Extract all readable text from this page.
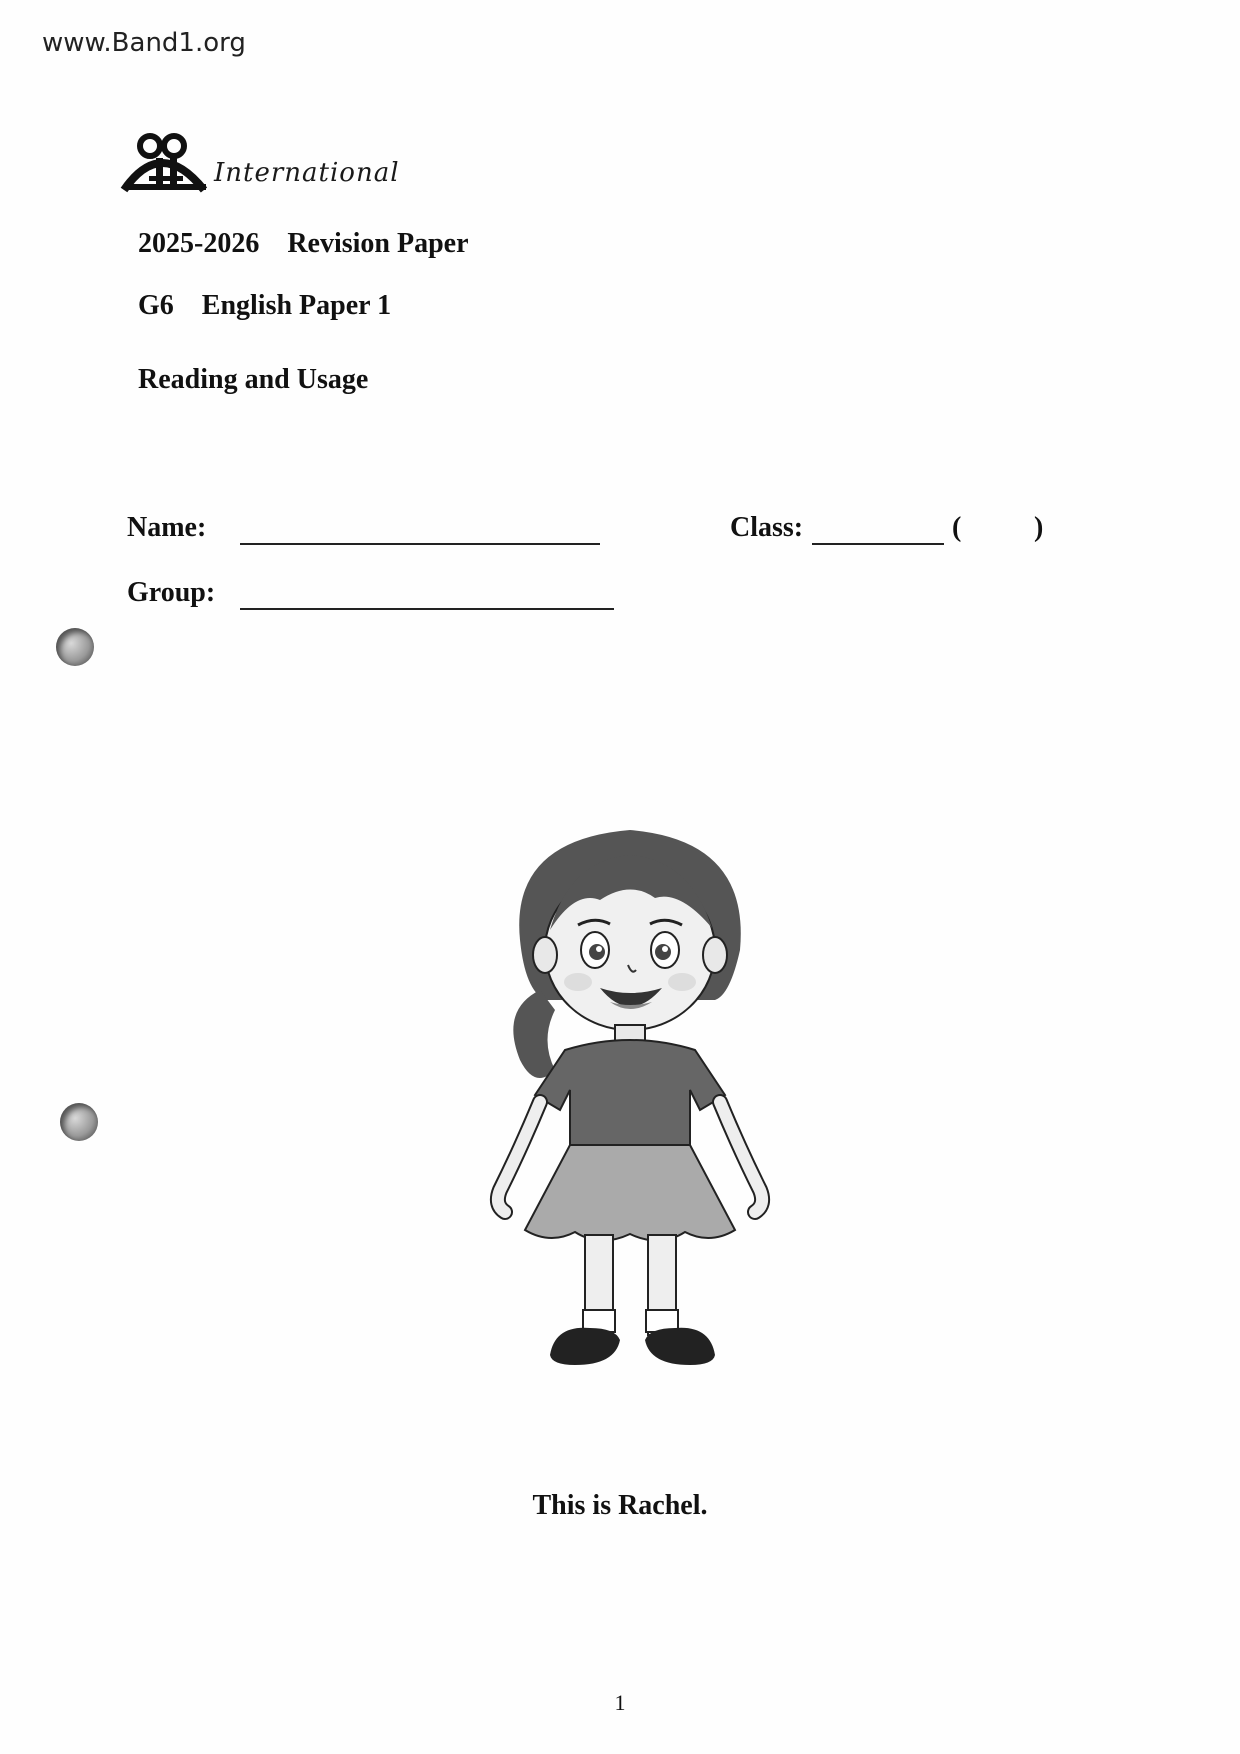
www.Band1.org
International
2025-2026 Revision Paper
G6 English Paper 1
Reading and Usage
Name:	Class:	(	)
Group:
This is Rachel.
1
